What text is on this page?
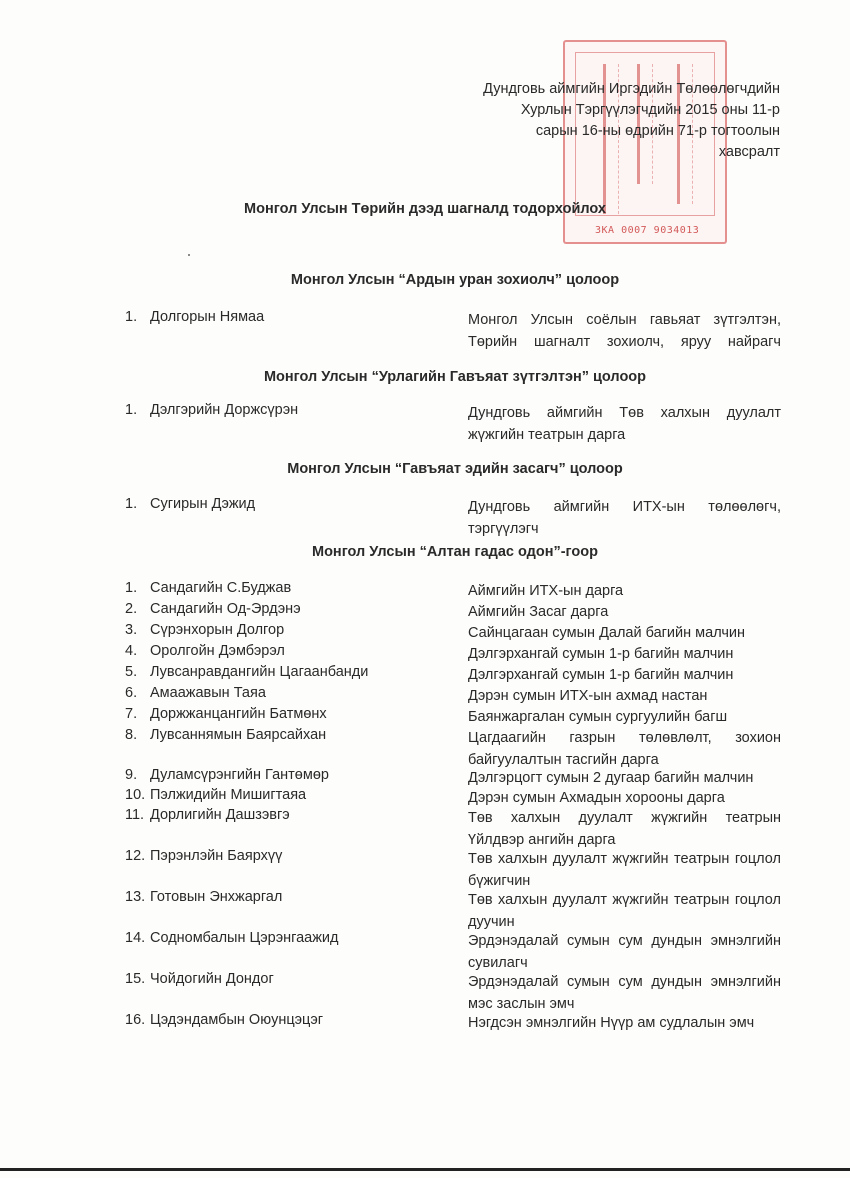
ЗКА 0007 9034013
Дундговь аймгийн Иргэдийн Төлөөлөгчдийн
Хурлын Тэргүүлэгчдийн 2015 оны 11-р
сарын 16-ны өдрийн 71-р тогтоолын
хавсралт
Монгол Улсын Төрийн дээд шагналд тодорхойлох
Монгол Улсын “Ардын уран зохиолч” цолоор
1. Долгорын Нямаа	Монгол Улсын соёлын гавьяат зүтгэлтэн, Төрийн шагналт зохиолч, яруу найрагч
Монгол Улсын “Урлагийн Гавъяат зүтгэлтэн” цолоор
1. Дэлгэрийн Доржсүрэн	Дундговь аймгийн Төв халхын дуулалт жүжгийн театрын дарга
Монгол Улсын “Гавъяат эдийн засагч” цолоор
1. Сугирын Дэжид	Дундговь аймгийн ИТХ-ын төлөөлөгч, тэргүүлэгч
Монгол Улсын “Алтан гадас одон”-гоор
1. Сандагийн С.Буджав	Аймгийн ИТХ-ын дарга
2. Сандагийн Од-Эрдэнэ	Аймгийн Засаг дарга
3. Сүрэнхорын Долгор	Сайнцагаан сумын Далай багийн малчин
4. Оролгойн Дэмбэрэл	Дэлгэрхангай сумын 1-р багийн малчин
5. Лувсанравдангийн Цагаанбанди	Дэлгэрхангай сумын 1-р багийн малчин
6. Амаажавын Таяа	Дэрэн сумын ИТХ-ын ахмад настан
7. Доржжанцангийн Батмөнх	Баянжаргалан сумын сургуулийн багш
8. Лувсаннямын Баярсайхан	Цагдаагийн газрын төлөвлөлт, зохион байгуулалтын тасгийн дарга
9. Дуламсүрэнгийн Гантөмөр	Дэлгэрцогт сумын 2 дугаар багийн малчин
10. Пэлжидийн Мишигтаяа	Дэрэн сумын Ахмадын хорооны дарга
11. Дорлигийн Дашзэвгэ	Төв халхын дуулалт жүжгийн театрын Үйлдвэр ангийн дарга
12. Пэрэнлэйн Баярхүү	Төв халхын дуулалт жүжгийн театрын гоцлол бүжигчин
13. Готовын Энхжаргал	Төв халхын дуулалт жүжгийн театрын гоцлол дуучин
14. Содномбалын Цэрэнгаажид	Эрдэнэдалай сумын сум дундын эмнэлгийн сувилагч
15. Чойдогийн Дондог	Эрдэнэдалай сумын сум дундын эмнэлгийн мэс заслын эмч
16. Цэдэндамбын Оюунцэцэг	Нэгдсэн эмнэлгийн Нүүр ам судлалын эмч
